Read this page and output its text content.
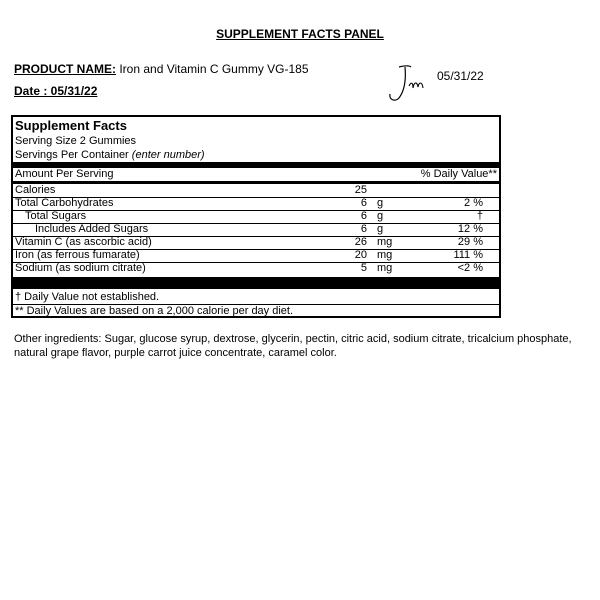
SUPPLEMENT FACTS PANEL
PRODUCT NAME: Iron and Vitamin C Gummy VG-185
Date : 05/31/22
05/31/22
Supplement Facts
Serving Size 2 Gummies
Servings Per Container (enter number)
Amount Per Serving	% Daily Value**
Calories	25
Total Carbohydrates	6 g	2 %
Total Sugars	6 g	†
Includes Added Sugars	6 g	12 %
Vitamin C (as ascorbic acid)	26 mg	29 %
Iron (as ferrous fumarate)	20 mg	111 %
Sodium (as sodium citrate)	5 mg	<2 %
† Daily Value not established.
** Daily Values are based on a 2,000 calorie per day diet.
Other ingredients: Sugar, glucose syrup, dextrose, glycerin, pectin, citric acid, sodium citrate, tricalcium phosphate, natural grape flavor, purple carrot juice concentrate, caramel color.
